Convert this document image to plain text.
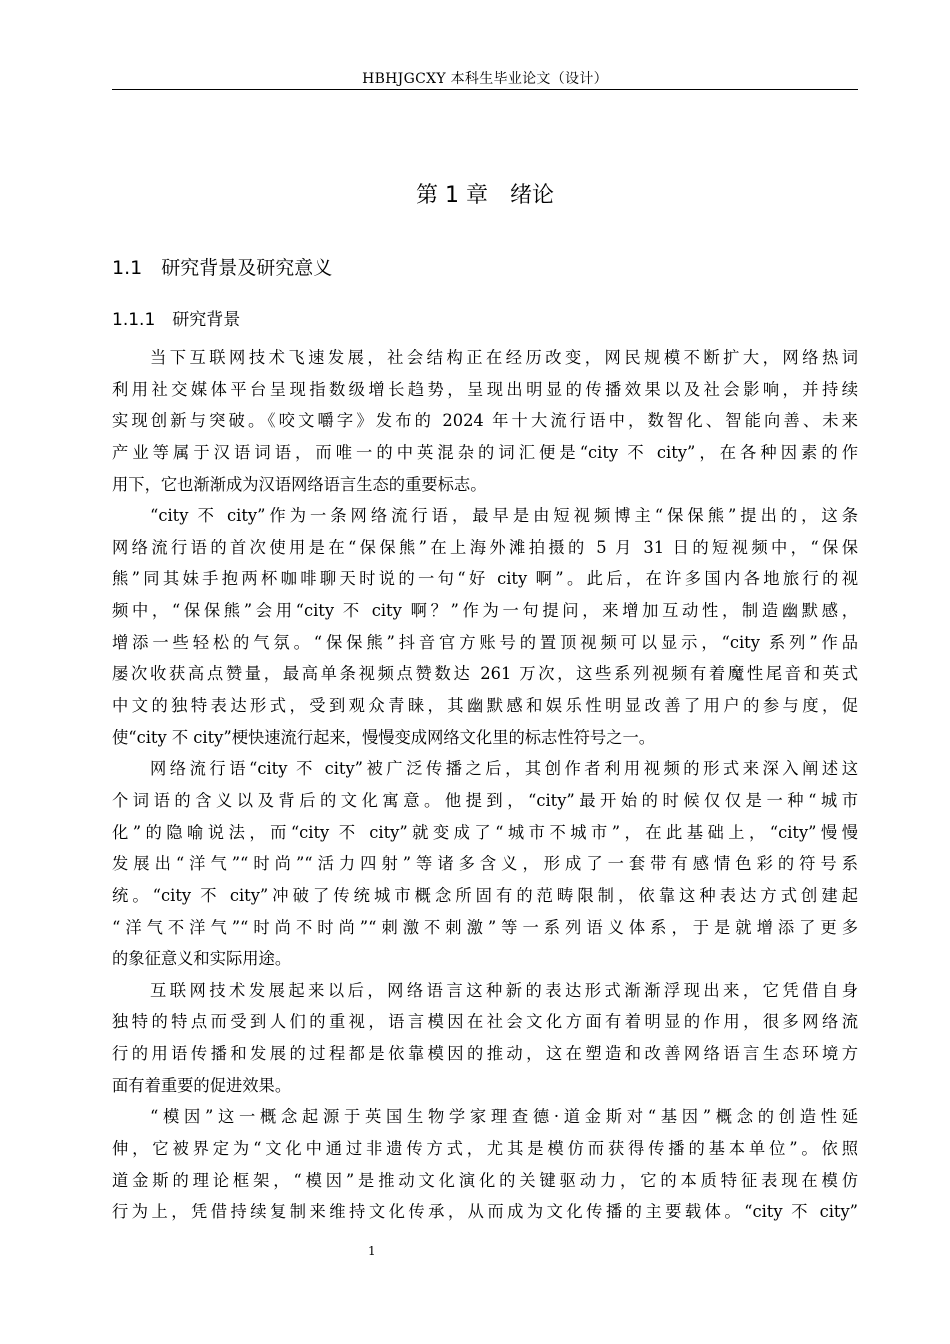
HBHJGCXY 本科生毕业论文（设计）
第 1 章　绪论
1.1　研究背景及研究意义
1.1.1　研究背景
当下互联网技术飞速发展，社会结构正在经历改变，网民规模不断扩大，网络热词
利用社交媒体平台呈现指数级增长趋势，呈现出明显的传播效果以及社会影响，并持续
实现创新与突破。《咬文嚼字》发布的 2024 年十大流行语中，数智化、智能向善、未来
产业等属于汉语词语，而唯一的中英混杂的词汇便是“city 不 city”，在各种因素的作
用下，它也渐渐成为汉语网络语言生态的重要标志。
“city 不 city”作为一条网络流行语，最早是由短视频博主“保保熊”提出的，这条
网络流行语的首次使用是在“保保熊”在上海外滩拍摄的 5 月 31 日的短视频中，“保保
熊”同其妹手抱两杯咖啡聊天时说的一句“好 city 啊”。此后，在许多国内各地旅行的视
频中，“保保熊”会用“city 不 city 啊？”作为一句提问，来增加互动性，制造幽默感，
增添一些轻松的气氛。“保保熊”抖音官方账号的置顶视频可以显示，“city 系列”作品
屡次收获高点赞量，最高单条视频点赞数达 261 万次，这些系列视频有着魔性尾音和英式
中文的独特表达形式，受到观众青睐，其幽默感和娱乐性明显改善了用户的参与度，促
使“city 不 city”梗快速流行起来，慢慢变成网络文化里的标志性符号之一。
网络流行语“city 不 city”被广泛传播之后，其创作者利用视频的形式来深入阐述这
个词语的含义以及背后的文化寓意。他提到，“city”最开始的时候仅仅是一种“城市
化”的隐喻说法，而“city 不 city”就变成了“城市不城市”，在此基础上，“city”慢慢
发展出“洋气”“时尚”“活力四射”等诸多含义，形成了一套带有感情色彩的符号系
统。“city 不 city”冲破了传统城市概念所固有的范畴限制，依靠这种表达方式创建起
“洋气不洋气”“时尚不时尚”“刺激不刺激”等一系列语义体系，于是就增添了更多
的象征意义和实际用途。
互联网技术发展起来以后，网络语言这种新的表达形式渐渐浮现出来，它凭借自身
独特的特点而受到人们的重视，语言模因在社会文化方面有着明显的作用，很多网络流
行的用语传播和发展的过程都是依靠模因的推动，这在塑造和改善网络语言生态环境方
面有着重要的促进效果。
“模因”这一概念起源于英国生物学家理查德·道金斯对“基因”概念的创造性延
伸，它被界定为“文化中通过非遗传方式，尤其是模仿而获得传播的基本单位”。依照
道金斯的理论框架，“模因”是推动文化演化的关键驱动力，它的本质特征表现在模仿
行为上，凭借持续复制来维持文化传承，从而成为文化传播的主要载体。“city 不 city”
1
